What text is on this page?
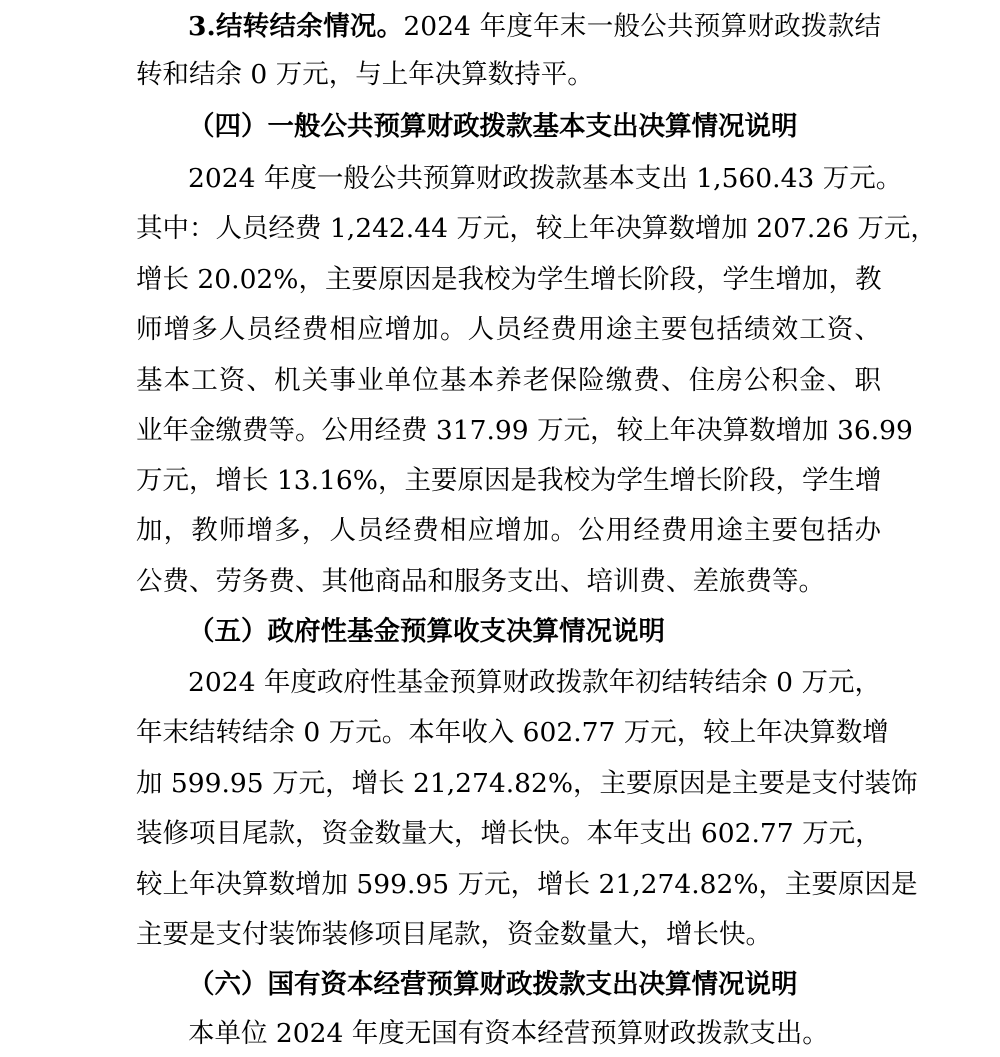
3.结转结余情况。2024 年度年末一般公共预算财政拨款结
转和结余 0 万元，与上年决算数持平。
（四）一般公共预算财政拨款基本支出决算情况说明
2024 年度一般公共预算财政拨款基本支出 1,560.43 万元。
其中：人员经费 1,242.44 万元，较上年决算数增加 207.26 万元，
增长 20.02%，主要原因是我校为学生增长阶段，学生增加，教
师增多人员经费相应增加。人员经费用途主要包括绩效工资、
基本工资、机关事业单位基本养老保险缴费、住房公积金、职
业年金缴费等。公用经费 317.99 万元，较上年决算数增加 36.99
万元，增长 13.16%，主要原因是我校为学生增长阶段，学生增
加，教师增多，人员经费相应增加。公用经费用途主要包括办
公费、劳务费、其他商品和服务支出、培训费、差旅费等。
（五）政府性基金预算收支决算情况说明
2024 年度政府性基金预算财政拨款年初结转结余 0 万元，
年末结转结余 0 万元。本年收入 602.77 万元，较上年决算数增
加 599.95 万元，增长 21,274.82%，主要原因是主要是支付装饰
装修项目尾款，资金数量大，增长快。本年支出 602.77 万元，
较上年决算数增加 599.95 万元，增长 21,274.82%，主要原因是
主要是支付装饰装修项目尾款，资金数量大，增长快。
（六）国有资本经营预算财政拨款支出决算情况说明
本单位 2024 年度无国有资本经营预算财政拨款支出。
